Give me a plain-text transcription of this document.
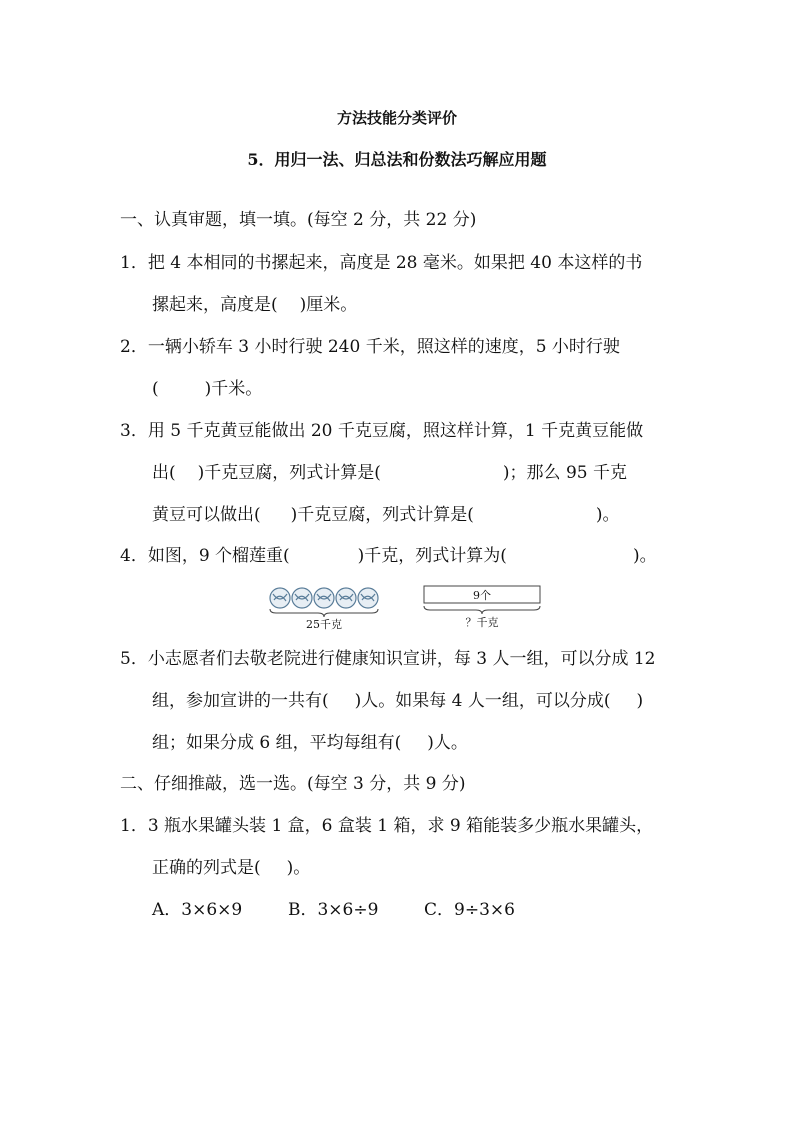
方法技能分类评价
5．用归一法、归总法和份数法巧解应用题
一、认真审题，填一填。(每空 2 分，共 22 分)
1．把 4 本相同的书摞起来，高度是 28 毫米。如果把 40 本这样的书
摞起来，高度是( )厘米。
2．一辆小轿车 3 小时行驶 240 千米，照这样的速度，5 小时行驶
(	)千米。
3．用 5 千克黄豆能做出 20 千克豆腐，照这样计算，1 千克黄豆能做
出( )千克豆腐，列式计算是(	)；那么 95 千克
黄豆可以做出( )千克豆腐，列式计算是(	)。
4．如图，9 个榴莲重(	)千克，列式计算为(	)。
25千克
9个
？千克
5．小志愿者们去敬老院进行健康知识宣讲，每 3 人一组，可以分成 12
组，参加宣讲的一共有( )人。如果每 4 人一组，可以分成( )
组；如果分成 6 组，平均每组有( )人。
二、仔细推敲，选一选。(每空 3 分，共 9 分)
1．3 瓶水果罐头装 1 盒，6 盒装 1 箱，求 9 箱能装多少瓶水果罐头，
正确的列式是( )。
A．3×6×9	B．3×6÷9	C．9÷3×6
